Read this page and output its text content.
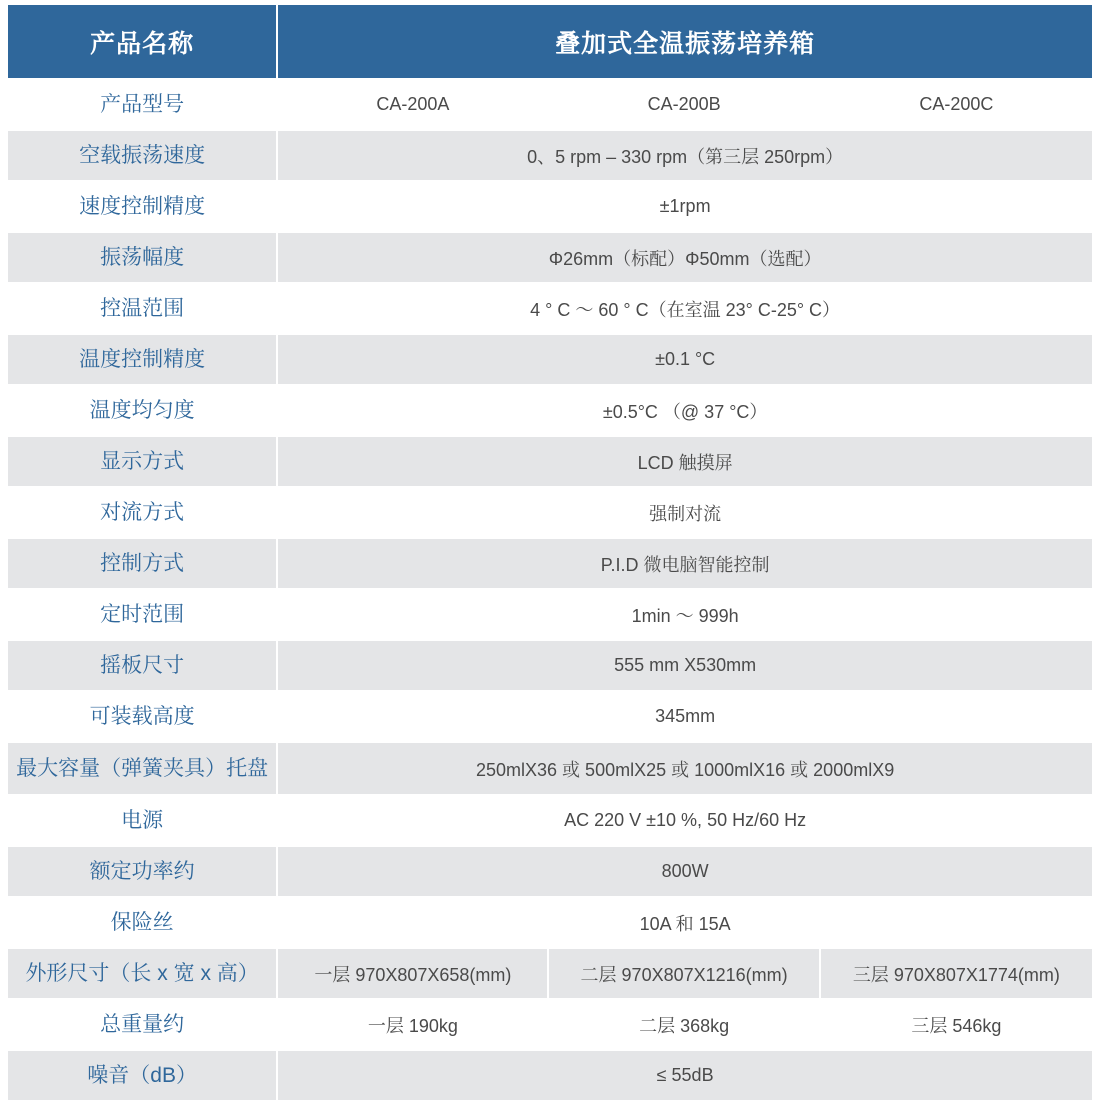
产品名称	叠加式全温振荡培养箱		
产品型号	CA-200A	CA-200B	CA-200C
空载振荡速度	0、5 rpm – 330 rpm（第三层 250rpm）		
速度控制精度	±1rpm		
振荡幅度	Φ26mm（标配）Φ50mm（选配）		
控温范围	4 ° C ～ 60 ° C（在室温 23° C-25° C）		
温度控制精度	±0.1 °C		
温度均匀度	±0.5°C （@ 37 °C）		
显示方式	LCD 触摸屏		
对流方式	强制对流		
控制方式	P.I.D 微电脑智能控制		
定时范围	1min ～ 999h		
摇板尺寸	555 mm X530mm		
可装载高度	345mm		
最大容量（弹簧夹具）托盘	250mlX36 或 500mlX25 或 1000mlX16 或 2000mlX9		
电源	AC 220 V ±10 %, 50 Hz/60 Hz		
额定功率约	800W		
保险丝	10A 和 15A		
外形尺寸（长 x 宽 x 高）	一层 970X807X658(mm)	二层 970X807X1216(mm)	三层 970X807X1774(mm)
总重量约	一层 190kg	二层 368kg	三层 546kg
噪音（dB）	≤ 55dB		
